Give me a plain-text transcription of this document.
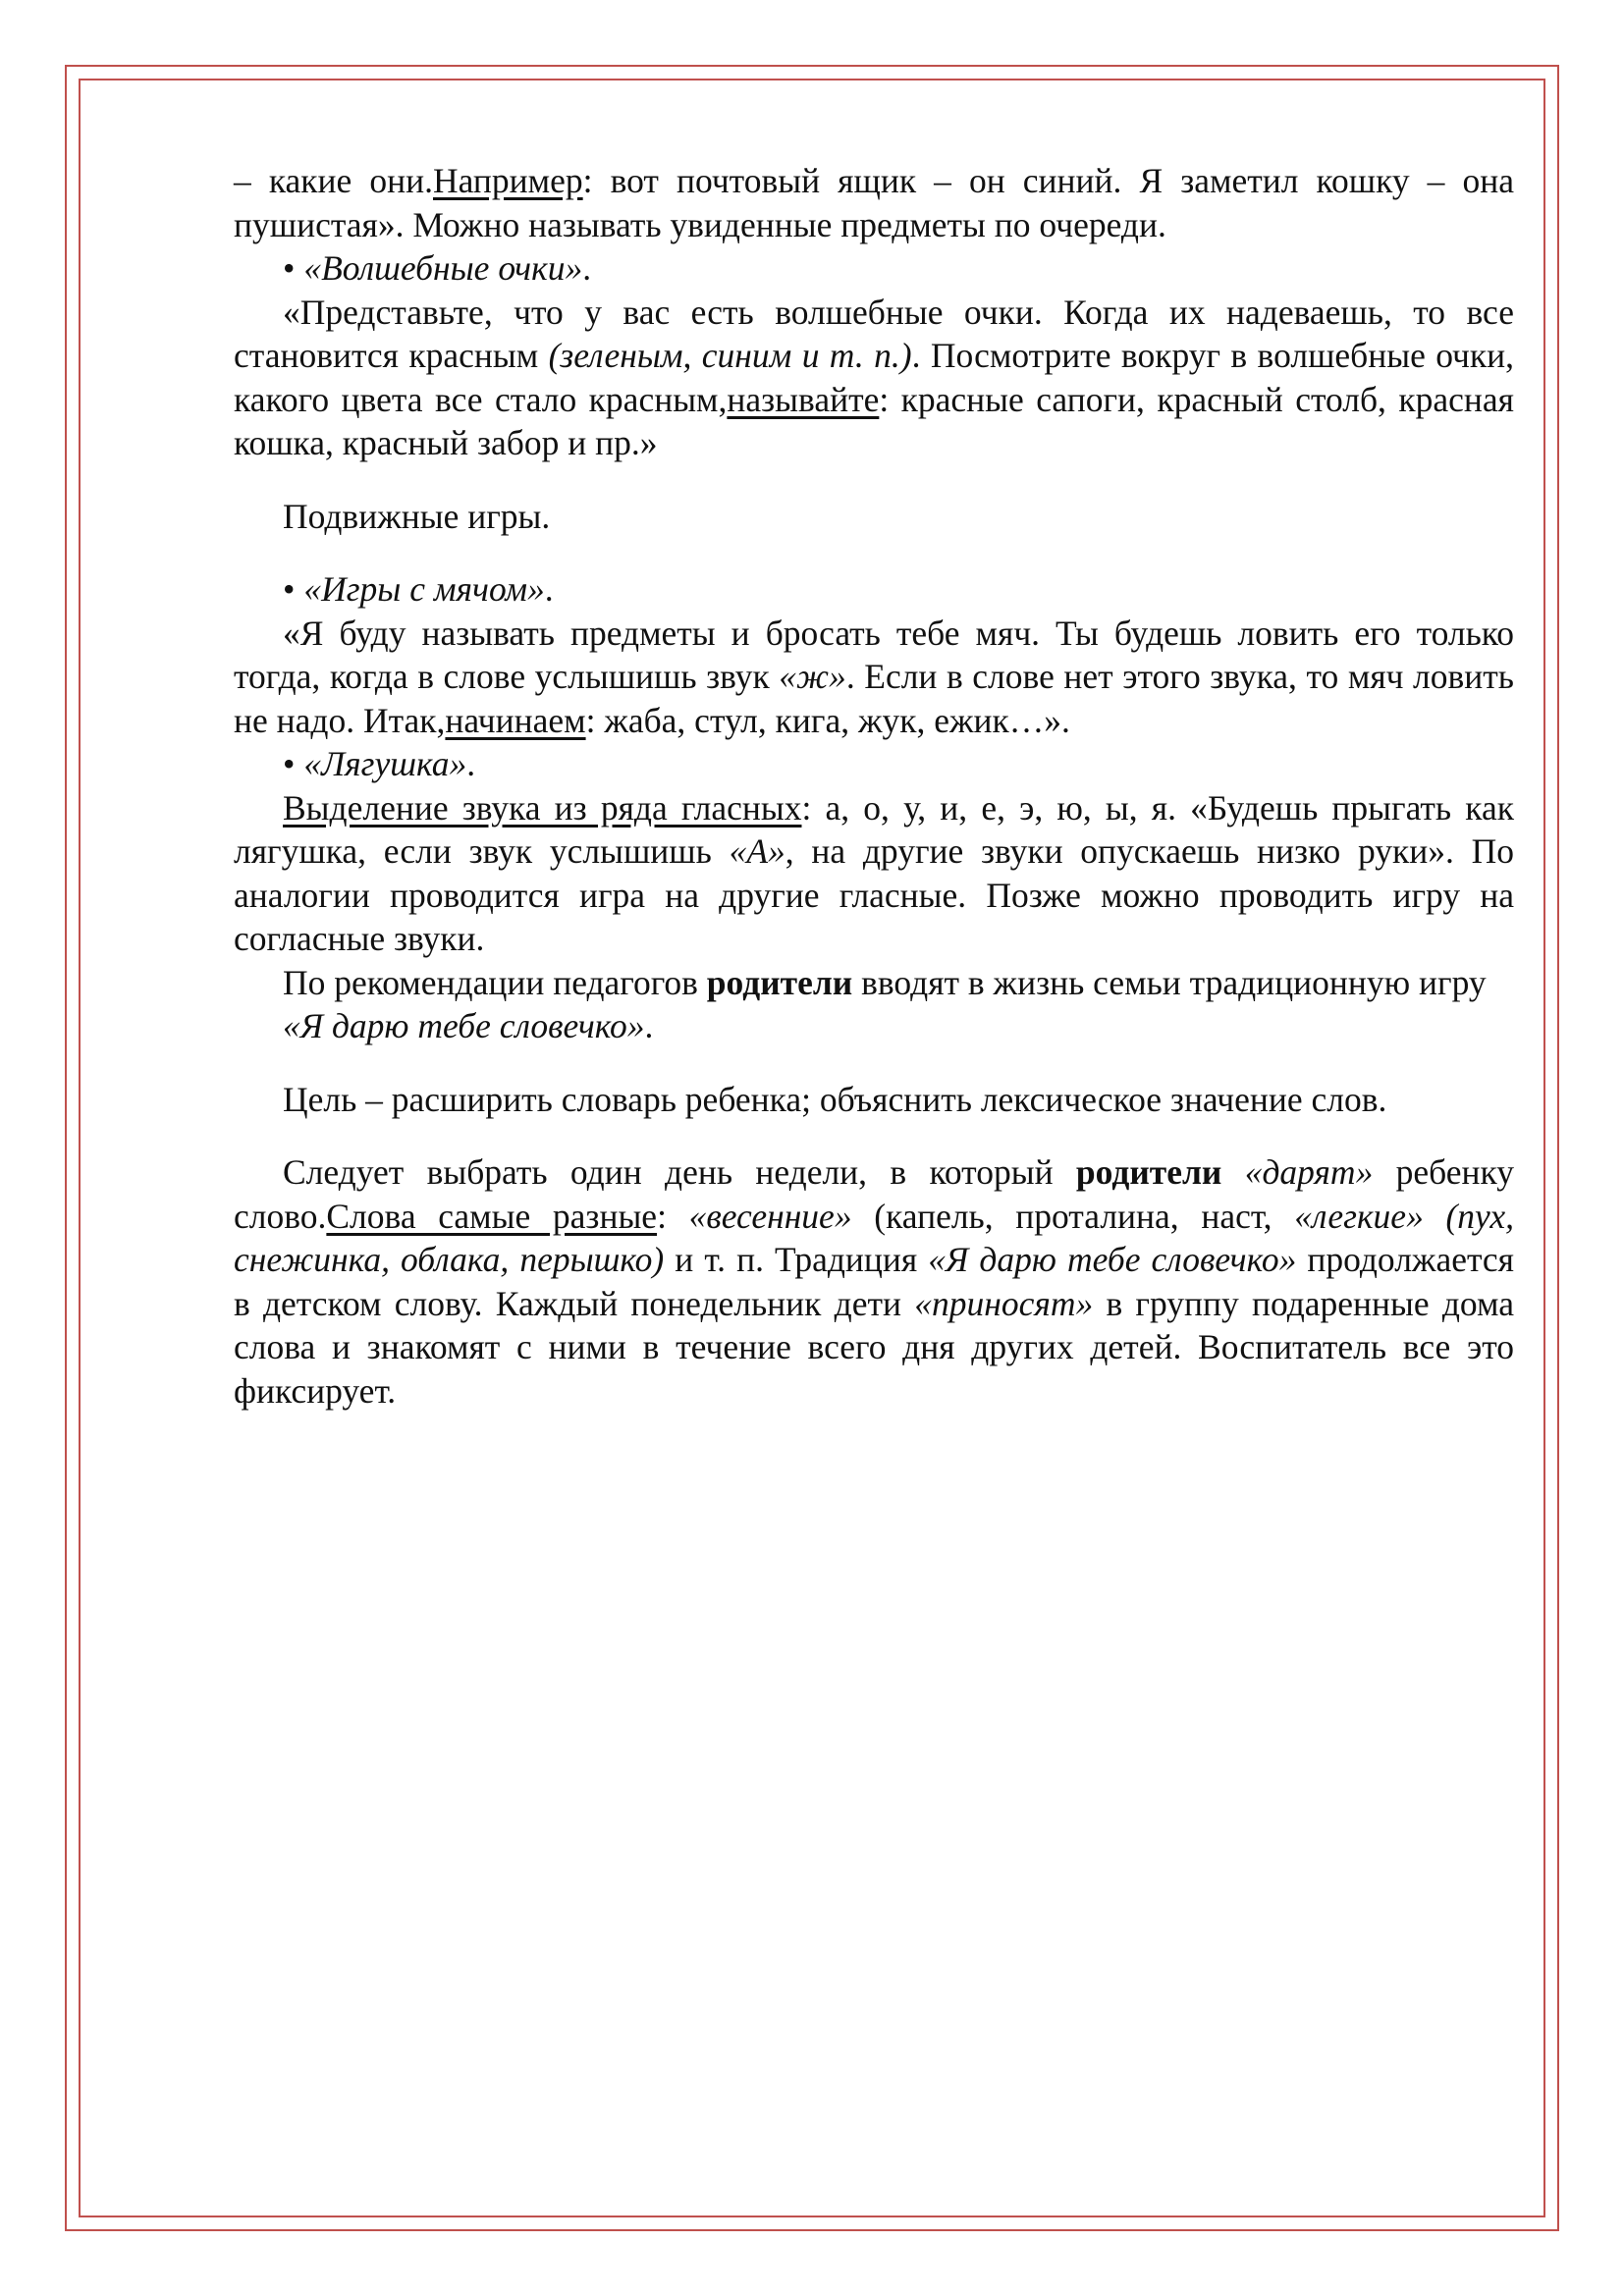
– какие они.Например: вот почтовый ящик – он синий. Я заметил кошку – она пушистая». Можно называть увиденные предметы по очереди.

• «Волшебные очки».

«Представьте, что у вас есть волшебные очки. Когда их надеваешь, то все становится красным (зеленым, синим и т. п.). Посмотрите вокруг в волшебные очки, какого цвета все стало красным,называйте: красные сапоги, красный столб, красная кошка, красный забор и пр.»

Подвижные игры.

• «Игры с мячом».

«Я буду называть предметы и бросать тебе мяч. Ты будешь ловить его только тогда, когда в слове услышишь звук «ж». Если в слове нет этого звука, то мяч ловить не надо. Итак,начинаем: жаба, стул, кига, жук, ежик…».

• «Лягушка».

Выделение звука из ряда гласных: а, о, у, и, е, э, ю, ы, я. «Будешь прыгать как лягушка, если звук услышишь «А», на другие звуки опускаешь низко руки». По аналогии проводится игра на другие гласные. Позже можно проводить игру на согласные звуки.

По рекомендации педагогов родители вводят в жизнь семьи традиционную игру

«Я дарю тебе словечко».

Цель – расширить словарь ребенка; объяснить лексическое значение слов.

Следует выбрать один день недели, в который родители «дарят» ребенку слово.Слова самые разные: «весенние» (капель, проталина, наст, «легкие» (пух, снежинка, облака, перышко) и т. п. Традиция «Я дарю тебе словечко» продолжается в детском слову. Каждый понедельник дети «приносят» в группу подаренные дома слова и знакомят с ними в течение всего дня других детей. Воспитатель все это фиксирует.
